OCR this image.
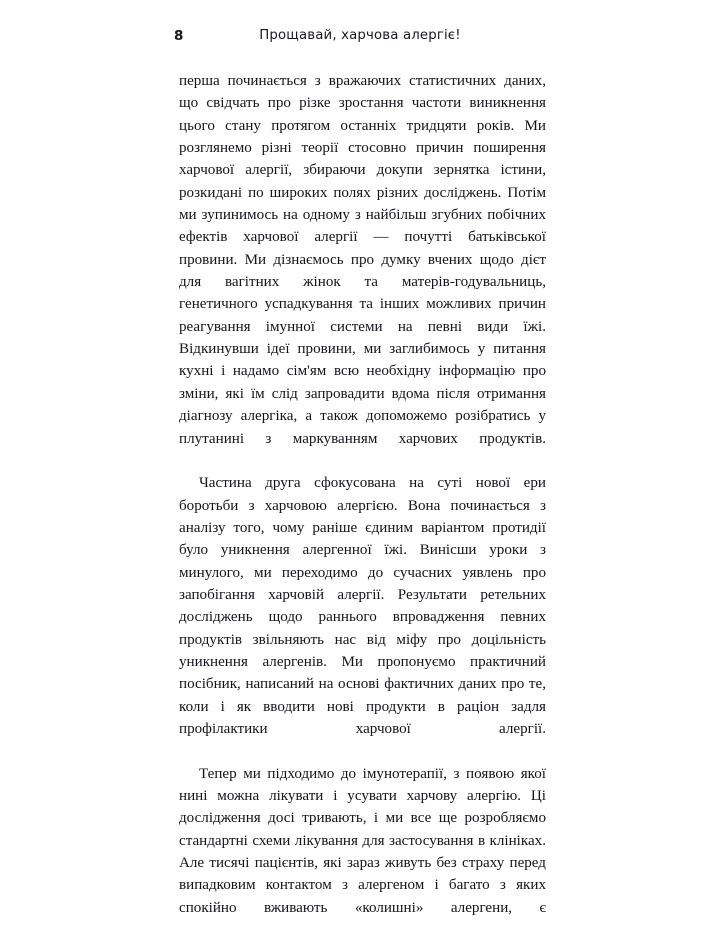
8	Прощавай, харчова алергіє!

перша починається з вражаючих статистичних даних, що свідчать про різке зростання частоти виникнення цього стану протягом останніх тридцяти років. Ми розглянемо різні теорії стосовно причин поширення харчової алергії, збираючи докупи зернятка істини, розкидані по широких полях різних досліджень. Потім ми зупинимось на одному з найбільш згубних побічних ефектів харчової алергії — почутті батьківської провини. Ми дізнаємось про думку вчених щодо дієт для вагітних жінок та матерів-годувальниць, генетичного успадкування та інших можливих причин реагування імунної системи на певні види їжі. Відкинувши ідеї провини, ми заглибимось у питання кухні і надамо сім'ям всю необхідну інформацію про зміни, які їм слід запровадити вдома після отримання діагнозу алергіка, а також допоможемо розібратись у плутанині з маркуванням харчових продуктів.

Частина друга сфокусована на суті нової ери боротьби з харчовою алергією. Вона починається з аналізу того, чому раніше єдиним варіантом протидії було уникнення алергенної їжі. Винісши уроки з минулого, ми переходимо до сучасних уявлень про запобігання харчовій алергії. Результати ретельних досліджень щодо раннього впровадження певних продуктів звільняють нас від міфу про доцільність уникнення алергенів. Ми пропонуємо практичний посібник, написаний на основі фактичних даних про те, коли і як вводити нові продукти в раціон задля профілактики харчової алергії.

Тепер ми підходимо до імунотерапії, з появою якої нині можна лікувати і усувати харчову алергію. Ці дослідження досі тривають, і ми все ще розробляємо стандартні схеми лікування для застосування в клініках. Але тисячі пацієнтів, які зараз живуть без страху перед випадковим контактом з алергеном і багато з яких спокійно вживають «колишні» алергени, є
